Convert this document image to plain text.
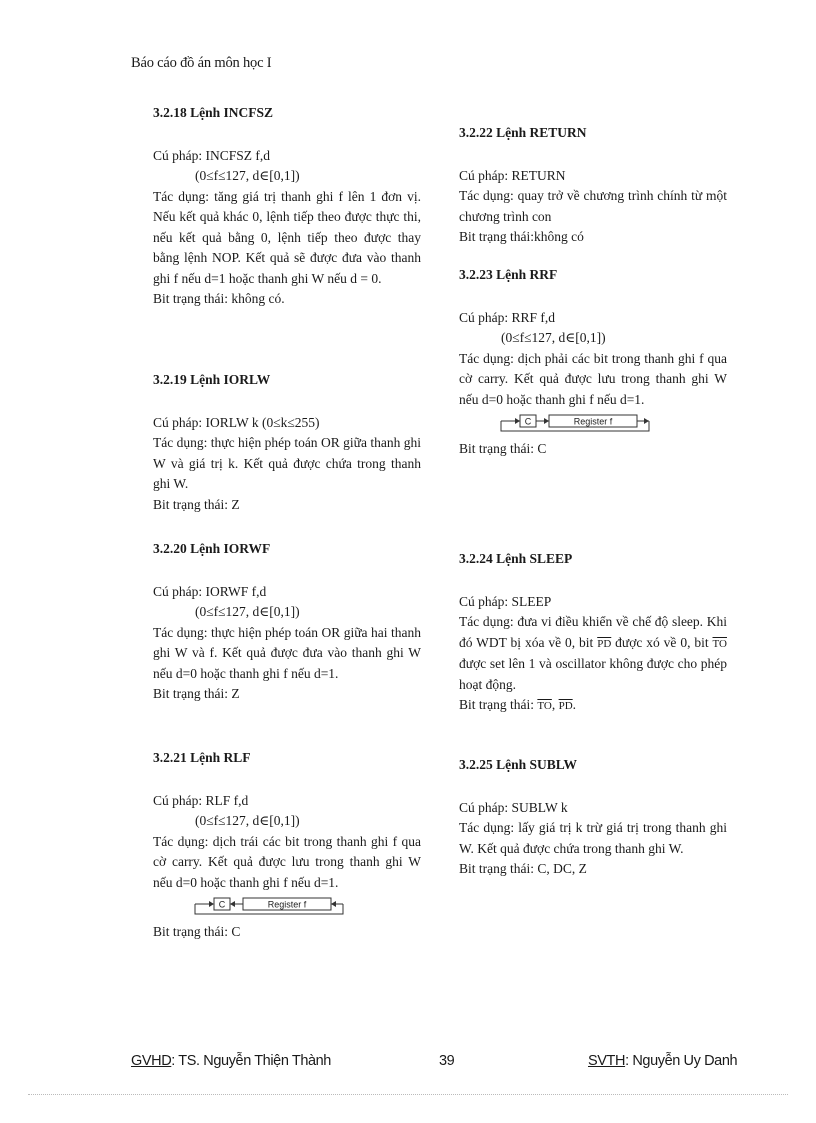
Báo cáo đồ án môn học I

3.2.18 Lệnh INCFSZ

Cú pháp: INCFSZ f,d

(0≤f≤127, d∈[0,1])

Tác dụng: tăng giá trị thanh ghi f lên 1 đơn vị. Nếu kết quả khác 0, lệnh tiếp theo được thực thi, nếu kết quả bằng 0, lệnh tiếp theo được thay bằng lệnh NOP. Kết quả sẽ được đưa vào thanh ghi f nếu d=1 hoặc thanh ghi W nếu d = 0.

Bit trạng thái: không có.

3.2.19 Lệnh IORLW

Cú pháp: IORLW k (0≤k≤255)

Tác dụng: thực hiện phép toán OR giữa thanh ghi W và giá trị k. Kết quả được chứa trong thanh ghi W.

Bit trạng thái: Z

3.2.20 Lệnh IORWF

Cú pháp: IORWF f,d

(0≤f≤127, d∈[0,1])

Tác dụng: thực hiện phép toán OR giữa hai thanh ghi W và f. Kết quả được đưa vào thanh ghi W nếu d=0 hoặc thanh ghi f nếu d=1.

Bit trạng thái: Z

3.2.21 Lệnh RLF

Cú pháp: RLF f,d

(0≤f≤127, d∈[0,1])

Tác dụng: dịch trái các bit trong thanh ghi f qua cờ carry. Kết quả được lưu trong thanh ghi W nếu d=0 hoặc thanh ghi f nếu d=1.

C	Register f

Bit trạng thái: C

3.2.22 Lệnh RETURN

Cú pháp: RETURN

Tác dụng: quay trở về chương trình chính từ một chương trình con

Bit trạng thái:không có

3.2.23 Lệnh RRF

Cú pháp: RRF f,d

(0≤f≤127, d∈[0,1])

Tác dụng: dịch phải các bit trong thanh ghi f qua cờ carry. Kết quả được lưu trong thanh ghi W nếu d=0 hoặc thanh ghi f nếu d=1.

C	Register f

Bit trạng thái: C

3.2.24 Lệnh SLEEP

Cú pháp: SLEEP

Tác dụng: đưa vi điều khiển về chế độ sleep. Khi đó WDT bị xóa về 0, bit $\overline{PD}$ được xó về 0, bit $\overline{TO}$ được set lên 1 và oscillator không được cho phép hoạt động.

Bit trạng thái: $\overline{TO}$, $\overline{PD}$.

3.2.25 Lệnh SUBLW

Cú pháp: SUBLW k

Tác dụng: lấy giá trị k trừ giá trị trong thanh ghi W. Kết quả được chứa trong thanh ghi W.

Bit trạng thái: C, DC, Z

GVHD: TS. Nguyễn Thiện Thành	39	SVTH: Nguyễn Uy Danh
